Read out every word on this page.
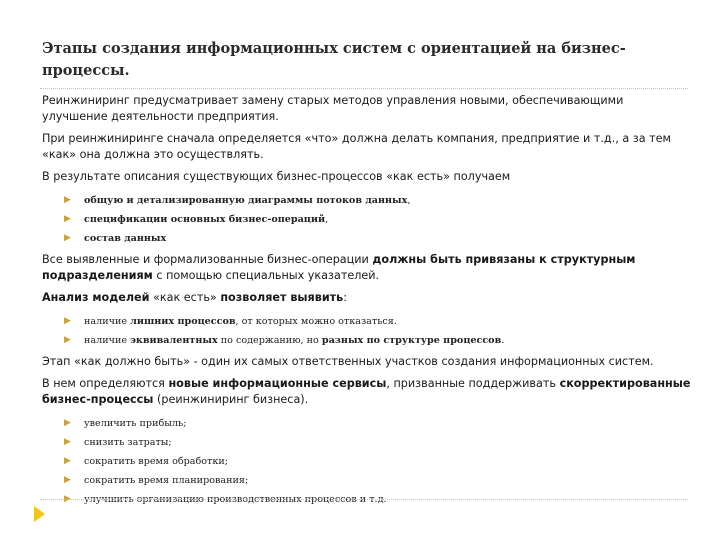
Этапы создания информационных систем с ориентацией на бизнес-процессы.

Реинжиниринг предусматривает замену старых методов управления новыми, обеспечивающими улучшение деятельности предприятия.

При реинжиниринге сначала определяется «что» должна делать компания, предприятие и т.д., а за тем «как» она должна это осуществлять.

В результате описания существующих бизнес-процессов «как есть» получаем

▶ общую и детализированную диаграммы потоков данных,
▶ спецификации основных бизнес-операций,
▶ состав данных

Все выявленные и формализованные бизнес-операции должны быть привязаны к структурным подразделениям с помощью специальных указателей.

Анализ моделей «как есть» позволяет выявить:

▶ наличие лишних процессов, от которых можно отказаться.
▶ наличие эквивалентных по содержанию, но разных по структуре процессов.

Этап «как должно быть» - один их самых ответственных участков создания информационных систем.

В нем определяются новые информационные сервисы, призванные поддерживать скорректированные бизнес-процессы (реинжиниринг бизнеса).

▶ увеличить прибыль;
▶ снизить затраты;
▶ сократить время обработки;
▶ сократить время планирования;
▶ улучшить организацию производственных процессов и т.д.
